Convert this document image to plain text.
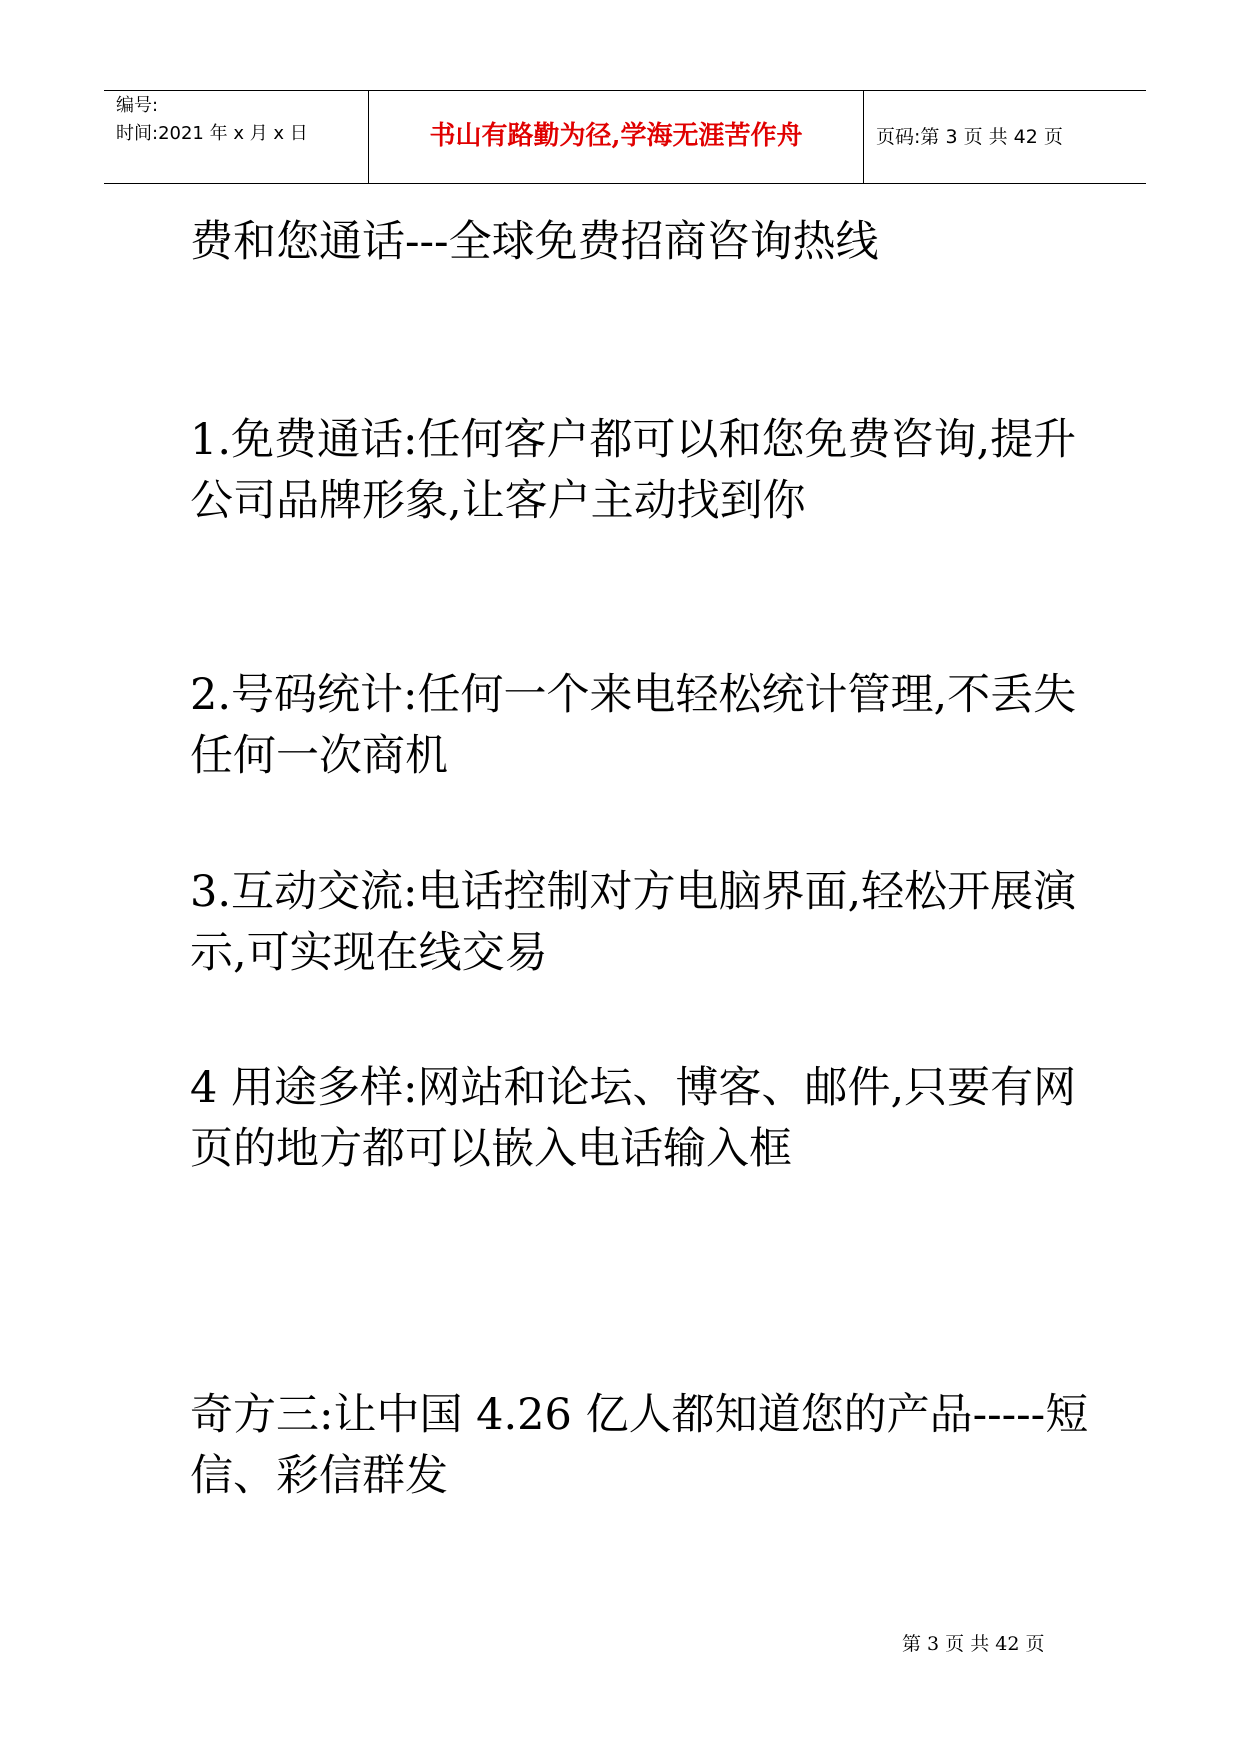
编号:
时间:2021 年 x 月 x 日	书山有路勤为径,学海无涯苦作舟	页码:第 3 页 共 42 页

费和您通话---全球免费招商咨询热线

1.免费通话:任何客户都可以和您免费咨询,提升公司品牌形象,让客户主动找到你

2.号码统计:任何一个来电轻松统计管理,不丢失任何一次商机

3.互动交流:电话控制对方电脑界面,轻松开展演示,可实现在线交易

4 用途多样:网站和论坛、博客、邮件,只要有网页的地方都可以嵌入电话输入框

奇方三:让中国 4.26 亿人都知道您的产品-----短信、彩信群发

第 3 页 共 42 页
